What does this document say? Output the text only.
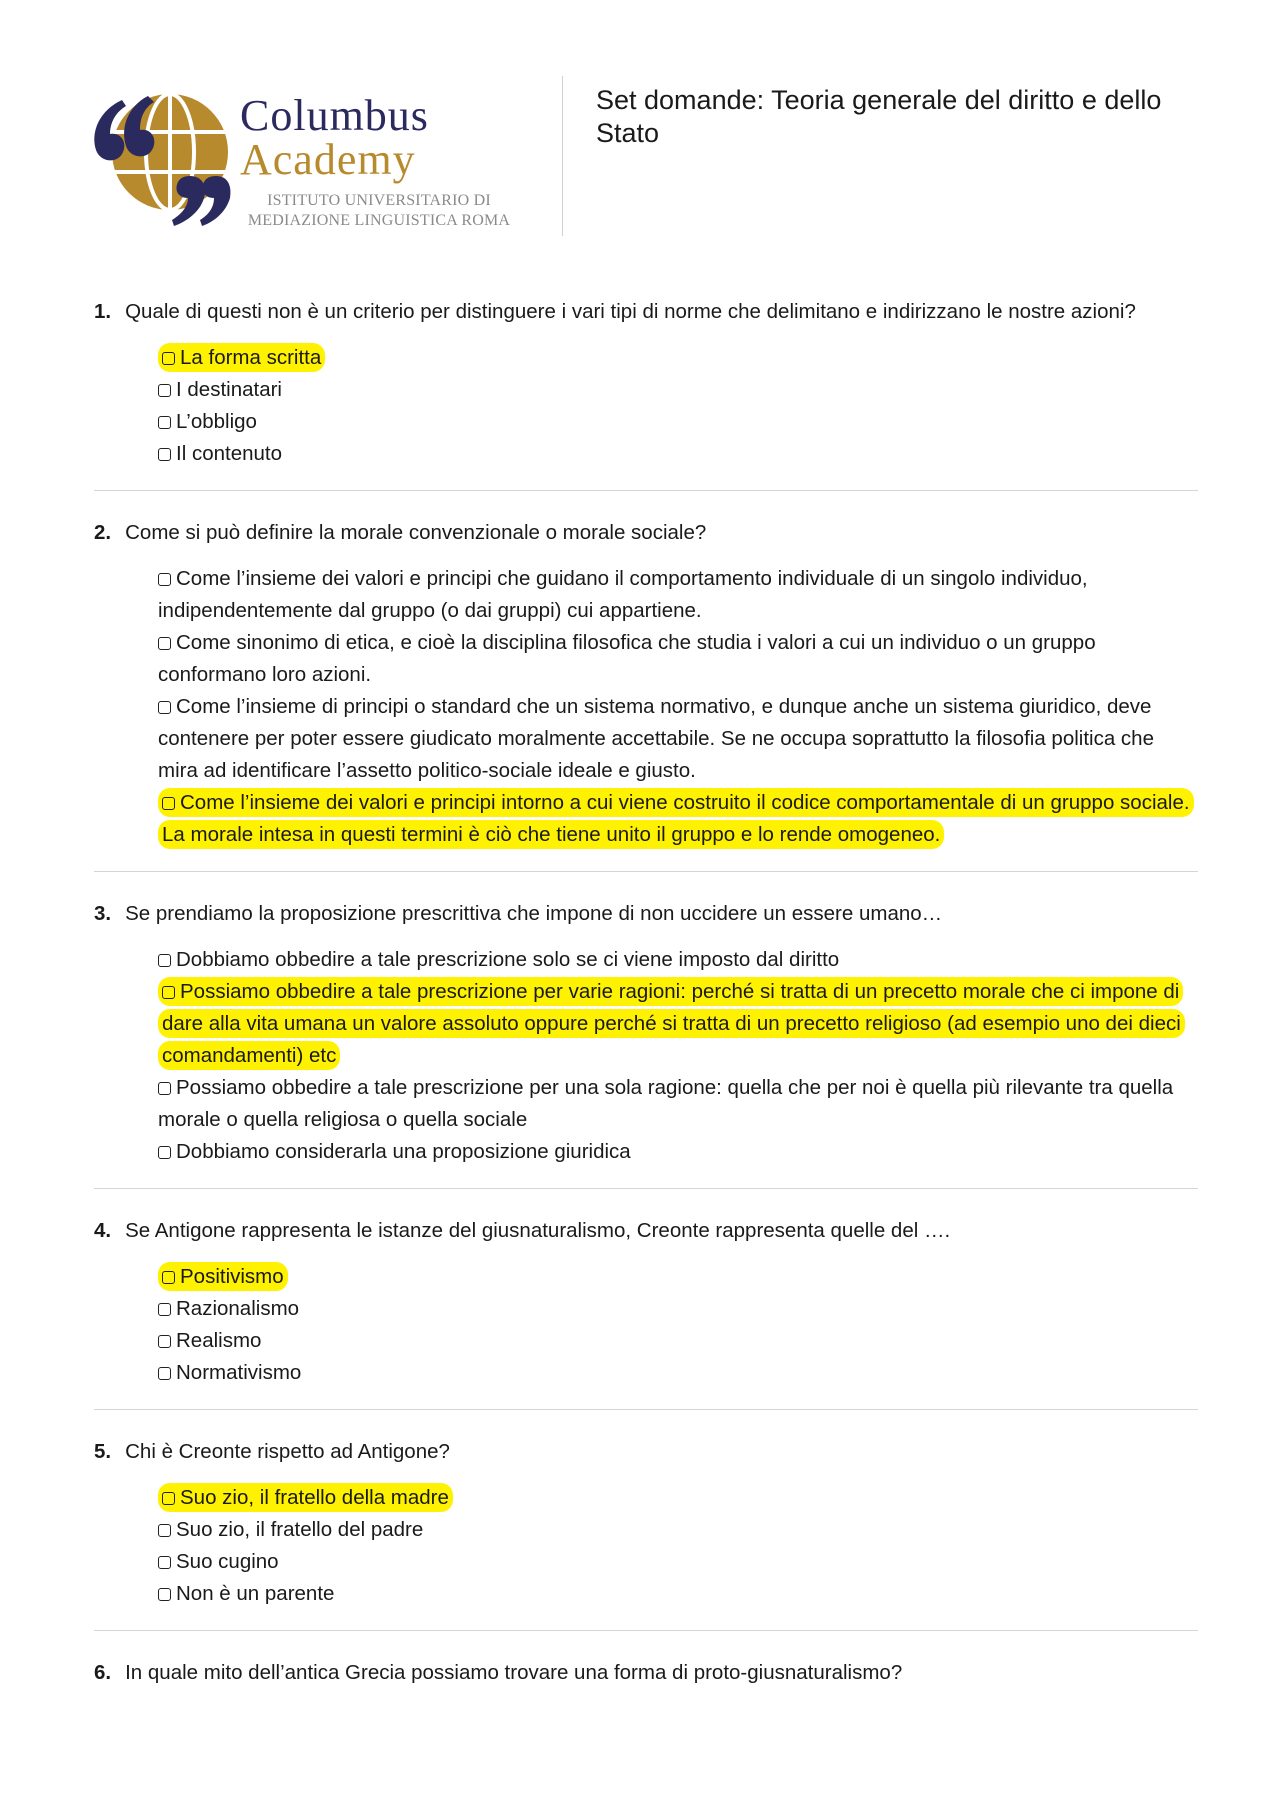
Columbus
Academy
ISTITUTO UNIVERSITARIO DI
MEDIAZIONE LINGUISTICA ROMA
Set domande: Teoria generale del diritto e dello Stato

1. Quale di questi non è un criterio per distinguere i vari tipi di norme che delimitano e indirizzano le nostre azioni?

La forma scritta
I destinatari
L’obbligo
Il contenuto

2. Come si può definire la morale convenzionale o morale sociale?

Come l’insieme dei valori e principi che guidano il comportamento individuale di un singolo individuo, indipendentemente dal gruppo (o dai gruppi) cui appartiene.
Come sinonimo di etica, e cioè la disciplina filosofica che studia i valori a cui un individuo o un gruppo conformano loro azioni.
Come l’insieme di principi o standard che un sistema normativo, e dunque anche un sistema giuridico, deve contenere per poter essere giudicato moralmente accettabile. Se ne occupa soprattutto la filosofia politica che mira ad identificare l’assetto politico-sociale ideale e giusto.
Come l’insieme dei valori e principi intorno a cui viene costruito il codice comportamentale di un gruppo sociale. La morale intesa in questi termini è ciò che tiene unito il gruppo e lo rende omogeneo.

3. Se prendiamo la proposizione prescrittiva che impone di non uccidere un essere umano…

Dobbiamo obbedire a tale prescrizione solo se ci viene imposto dal diritto
Possiamo obbedire a tale prescrizione per varie ragioni: perché si tratta di un precetto morale che ci impone di dare alla vita umana un valore assoluto oppure perché si tratta di un precetto religioso (ad esempio uno dei dieci comandamenti) etc
Possiamo obbedire a tale prescrizione per una sola ragione: quella che per noi è quella più rilevante tra quella morale o quella religiosa o quella sociale
Dobbiamo considerarla una proposizione giuridica

4. Se Antigone rappresenta le istanze del giusnaturalismo, Creonte rappresenta quelle del ….

Positivismo
Razionalismo
Realismo
Normativismo

5. Chi è Creonte rispetto ad Antigone?

Suo zio, il fratello della madre
Suo zio, il fratello del padre
Suo cugino
Non è un parente

6. In quale mito dell’antica Grecia possiamo trovare una forma di proto-giusnaturalismo?
